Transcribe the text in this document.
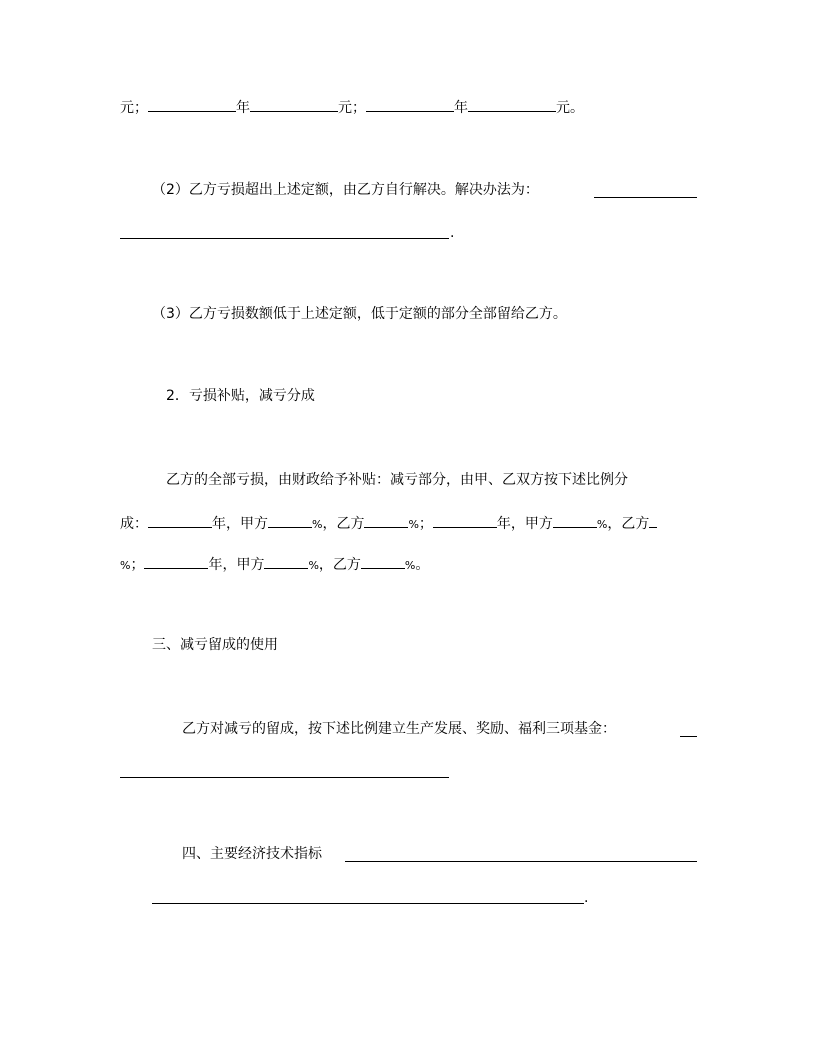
元；	年	元；	年	元。
（2）乙方亏损超出上述定额，由乙方自行解决。解决办法为：
.
（3）乙方亏损数额低于上述定额，低于定额的部分全部留给乙方。
2．亏损补贴，减亏分成
乙方的全部亏损，由财政给予补贴：减亏部分，由甲、乙双方按下述比例分
成：	年，甲方	%，乙方	%；	年，甲方	%，乙方
%；	年，甲方	%，乙方	%。
三、减亏留成的使用
乙方对减亏的留成，按下述比例建立生产发展、奖励、福利三项基金：
四、主要经济技术指标
.
